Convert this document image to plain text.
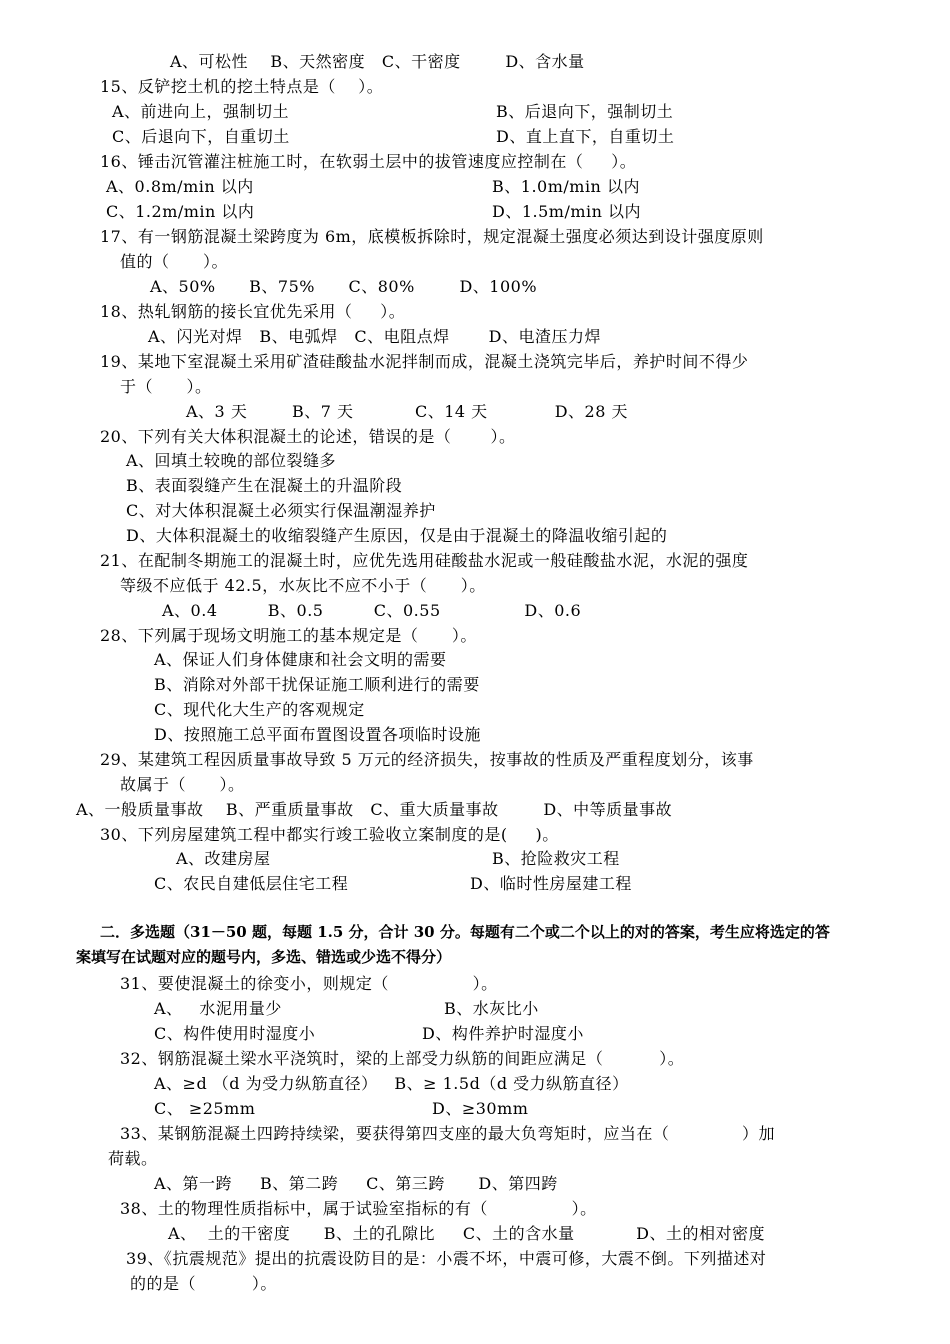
A、可松性    B、天然密度   C、干密度        D、含水量
15、反铲挖土机的挖土特点是（    ）。
A、前进向上，强制切土	B、后退向下，强制切土
C、后退向下，自重切土	D、直上直下，自重切土
16、锤击沉管灌注桩施工时，在软弱土层中的拔管速度应控制在（     ）。
A、0.8m/min 以内	B、1.0m/min 以内
C、1.2m/min 以内	D、1.5m/min 以内
17、有一钢筋混凝土梁跨度为 6m，底模板拆除时，规定混凝土强度必须达到设计强度原则
值的（      ）。
A、50%      B、75%      C、80%        D、100%
18、热轧钢筋的接长宜优先采用（     ）。
A、闪光对焊   B、电弧焊   C、电阻点焊       D、电渣压力焊
19、某地下室混凝土采用矿渣硅酸盐水泥拌制而成，混凝土浇筑完毕后，养护时间不得少
于（      ）。
A、3 天        B、7 天           C、14 天            D、28 天
20、下列有关大体积混凝土的论述，错误的是（       ）。
A、回填土较晚的部位裂缝多
B、表面裂缝产生在混凝土的升温阶段
C、对大体积混凝土必须实行保温潮湿养护
D、大体积混凝土的收缩裂缝产生原因，仅是由于混凝土的降温收缩引起的
21、在配制冬期施工的混凝土时，应优先选用硅酸盐水泥或一般硅酸盐水泥，水泥的强度
等级不应低于 42.5，水灰比不应不小于（      ）。
A、0.4         B、0.5         C、0.55               D、0.6
28、下列属于现场文明施工的基本规定是（      ）。
A、保证人们身体健康和社会文明的需要
B、消除对外部干扰保证施工顺利进行的需要
C、现代化大生产的客观规定
D、按照施工总平面布置图设置各项临时设施
29、某建筑工程因质量事故导致 5 万元的经济损失，按事故的性质及严重程度划分，该事
故属于（      ）。
A、一般质量事故    B、严重质量事故   C、重大质量事故        D、中等质量事故
30、下列房屋建筑工程中都实行竣工验收立案制度的是(     )。
A、改建房屋	B、抢险救灾工程
C、农民自建低层住宅工程	D、临时性房屋建工程
二．多选题（31－50 题，每题 1.5 分，合计 30 分。每题有二个或二个以上的对的答案，考生应将选定的答
案填写在试题对应的题号内，多选、错选或少选不得分）
31、要使混凝土的徐变小，则规定（               ）。
A、   水泥用量少	B、水灰比小
C、构件使用时湿度小	D、构件养护时湿度小
32、钢筋混凝土梁水平浇筑时，梁的上部受力纵筋的间距应满足（          ）。
A、≥d （d 为受力纵筋直径）   B、≥ 1.5d（d 受力纵筋直径）
C、 ≥25mm	D、≥30mm
33、某钢筋混凝土四跨持续梁，要获得第四支座的最大负弯矩时，应当在（             ）加
荷载。
A、第一跨     B、第二跨     C、第三跨      D、第四跨
38、土的物理性质指标中，属于试验室指标的有（               ）。
A、  土的干密度      B、土的孔隙比     C、土的含水量           D、土的相对密度
39、《抗震规范》提出的抗震设防目的是：小震不坏，中震可修，大震不倒。下列描述对
的的是（          ）。
